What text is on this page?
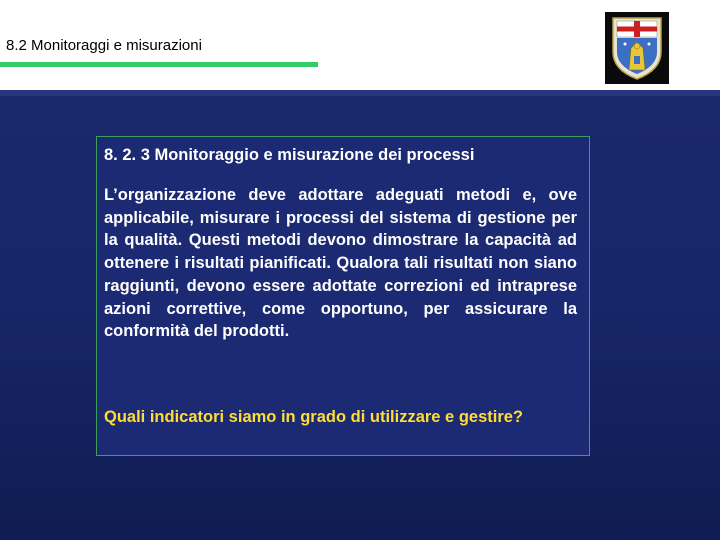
8.2 Monitoraggi e misurazioni
8. 2. 3 Monitoraggio e misurazione dei processi
L’organizzazione deve adottare adeguati metodi e, ove applicabile, misurare i processi del sistema di gestione per la qualità. Questi metodi devono dimostrare la capacità ad ottenere i risultati pianificati. Qualora tali risultati non siano raggiunti, devono essere adottate correzioni ed intraprese azioni correttive, come opportuno, per assicurare la conformità del prodotti.
Quali indicatori siamo in grado di utilizzare e gestire?
